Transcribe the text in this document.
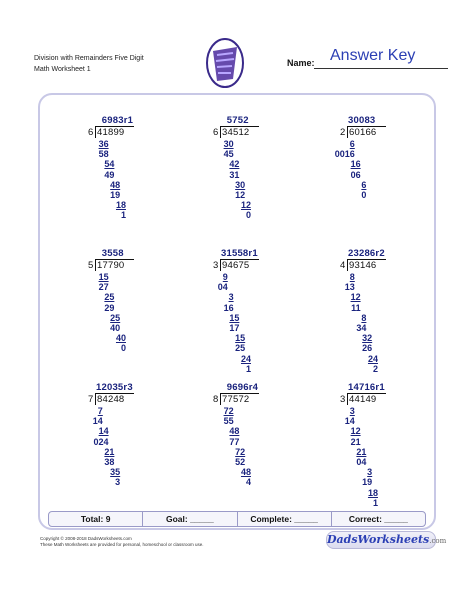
Division with Remainders Five Digit
Math Worksheet 1
Answer Key
Name:
6983r1
6 41899
36
58
54
49
48
19
18
1
5752
6 34512
30
45
42
31
30
12
12
0
30083
2 60166
6
0016
16
06
6
0
3558
5 17790
15
27
25
29
25
40
40
0
31558r1
3 94675
9
04
3
16
15
17
15
25
24
1
23286r2
4 93146
8
13
12
11
8
34
32
26
24
2
12035r3
7 84248
7
14
14
024
21
38
35
3
9696r4
8 77572
72
55
48
77
72
52
48
4
14716r1
3 44149
3
14
12
21
21
04
3
19
18
1
Total: 9	Goal: _____	Complete: _____	Correct: _____
Copyright © 2008-2018 DadsWorksheets.com
These Math Worksheets are provided for personal, homeschool or classroom use.	DadsWorksheets.com
